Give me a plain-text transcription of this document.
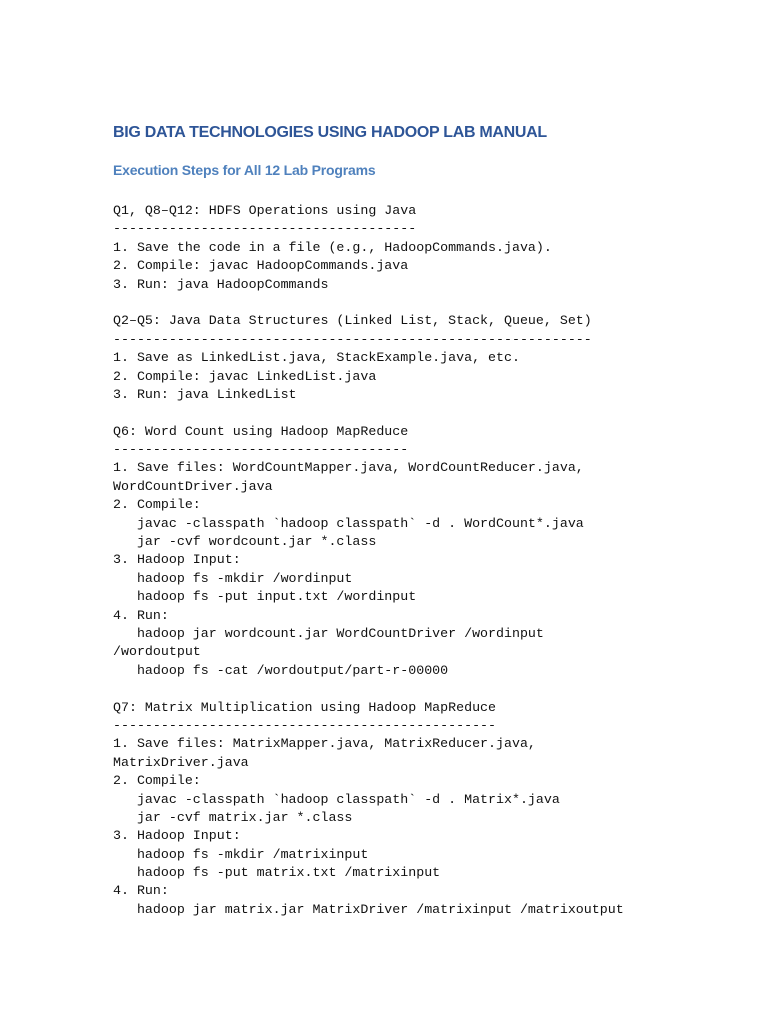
BIG DATA TECHNOLOGIES USING HADOOP LAB MANUAL
Execution Steps for All 12 Lab Programs
Q1, Q8–Q12: HDFS Operations using Java
--------------------------------------
1. Save the code in a file (e.g., HadoopCommands.java).
2. Compile: javac HadoopCommands.java
3. Run: java HadoopCommands
Q2–Q5: Java Data Structures (Linked List, Stack, Queue, Set)
------------------------------------------------------------
1. Save as LinkedList.java, StackExample.java, etc.
2. Compile: javac LinkedList.java
3. Run: java LinkedList
Q6: Word Count using Hadoop MapReduce
-------------------------------------
1. Save files: WordCountMapper.java, WordCountReducer.java,
WordCountDriver.java
2. Compile:
javac -classpath `hadoop classpath` -d . WordCount*.java
jar -cvf wordcount.jar *.class
3. Hadoop Input:
hadoop fs -mkdir /wordinput
hadoop fs -put input.txt /wordinput
4. Run:
hadoop jar wordcount.jar WordCountDriver /wordinput
/wordoutput
hadoop fs -cat /wordoutput/part-r-00000
Q7: Matrix Multiplication using Hadoop MapReduce
------------------------------------------------
1. Save files: MatrixMapper.java, MatrixReducer.java,
MatrixDriver.java
2. Compile:
javac -classpath `hadoop classpath` -d . Matrix*.java
jar -cvf matrix.jar *.class
3. Hadoop Input:
hadoop fs -mkdir /matrixinput
hadoop fs -put matrix.txt /matrixinput
4. Run:
hadoop jar matrix.jar MatrixDriver /matrixinput /matrixoutput
